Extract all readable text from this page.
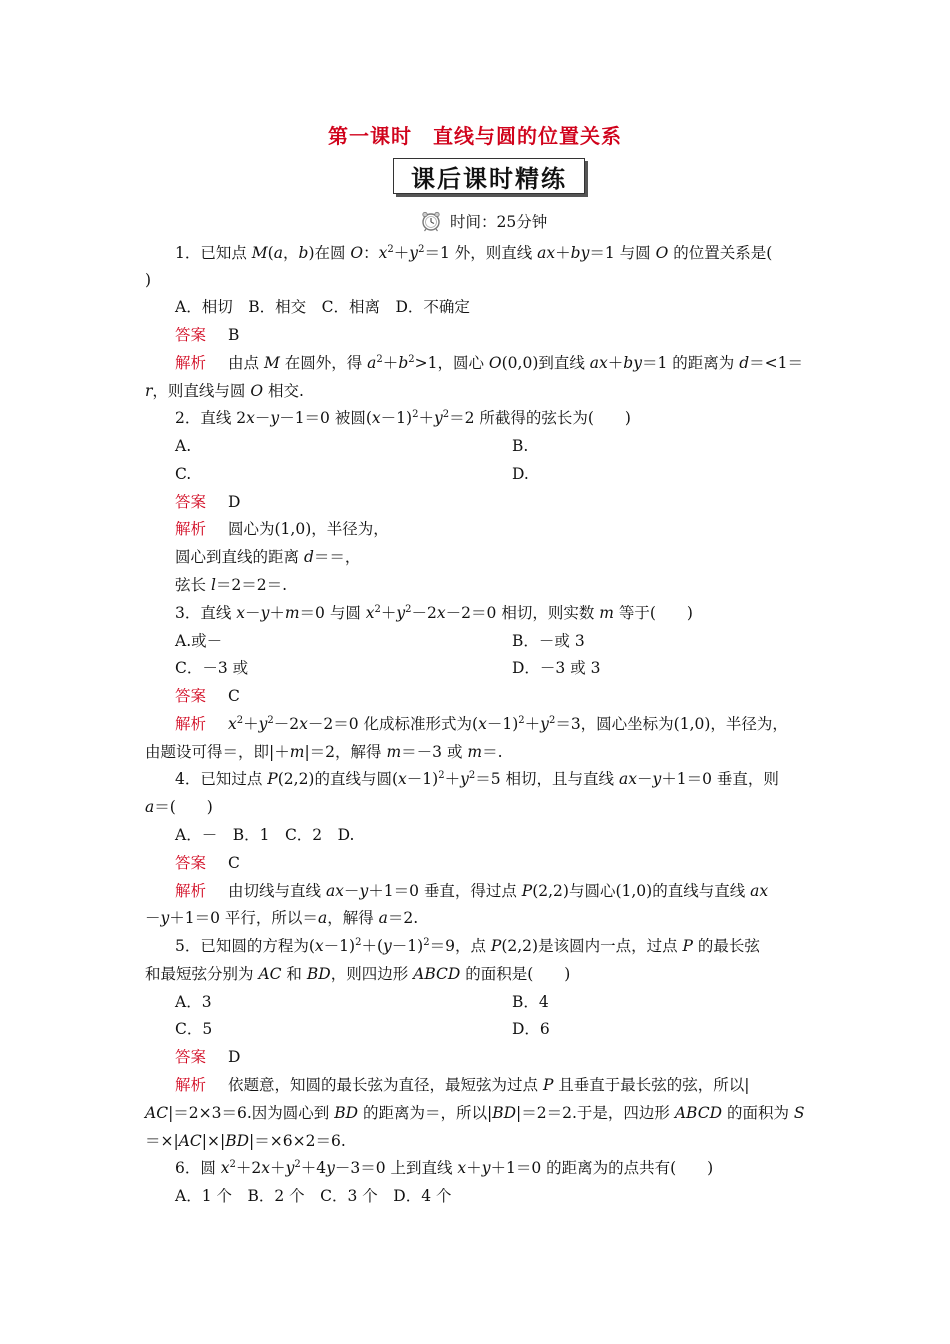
第一课时　直线与圆的位置关系
课后课时精练
时间：25分钟
1．已知点 M(a，b)在圆 O：$x^2+y^2=1$ 外，则直线 ax＋by＝1 与圆 O 的位置关系是(
)
A．相切　B．相交　C．相离　D．不确定
答案 B
解析 由点 M 在圆外，得 $a^2+b^2>1$，圆心 O(0,0)到直线 ax＋by＝1 的距离为 d＝<1＝
r，则直线与圆 O 相交.
2．直线 2x－y－1＝0 被圆$(x-1)^2+y^2=2$ 所截得的弦长为(　　)
A.	B.
C.	D.
答案 D
解析 圆心为(1,0)，半径为，
圆心到直线的距离 d＝＝，
弦长 l＝2＝2＝.
3．直线 x－y＋m＝0 与圆 $x^2+y^2-2x-2=0$ 相切，则实数 m 等于(　　)
A.或－	B．－或 3
C．－3 或	D．－3 或 3
答案 C
解析 $x^2+y^2-2x-2=0$ 化成标准形式为$(x-1)^2+y^2=3$，圆心坐标为(1,0)，半径为，
由题设可得＝，即|＋m|＝2，解得 m＝－3 或 m＝.
4．已知过点 P(2,2)的直线与圆$(x-1)^2+y^2=5$ 相切，且与直线 ax－y＋1＝0 垂直，则
a＝(　　)
A．－　B．1　C．2　D.
答案 C
解析 由切线与直线 ax－y＋1＝0 垂直，得过点 P(2,2)与圆心(1,0)的直线与直线 ax
－y＋1＝0 平行，所以＝a，解得 a＝2.
5．已知圆的方程为$(x-1)^2+(y-1)^2=9$，点 P(2,2)是该圆内一点，过点 P 的最长弦
和最短弦分别为 AC 和 BD，则四边形 ABCD 的面积是(　　)
A．3	B．4
C．5	D．6
答案 D
解析 依题意，知圆的最长弦为直径，最短弦为过点 P 且垂直于最长弦的弦，所以|
AC|＝2×3＝6.因为圆心到 BD 的距离为＝，所以|BD|＝2＝2.于是，四边形 ABCD 的面积为 S
＝×|AC|×|BD|＝×6×2＝6.
6．圆 $x^2+2x+y^2+4y-3=0$ 上到直线 x＋y＋1＝0 的距离为的点共有(　　)
A．1 个　B．2 个　C．3 个　D．4 个
